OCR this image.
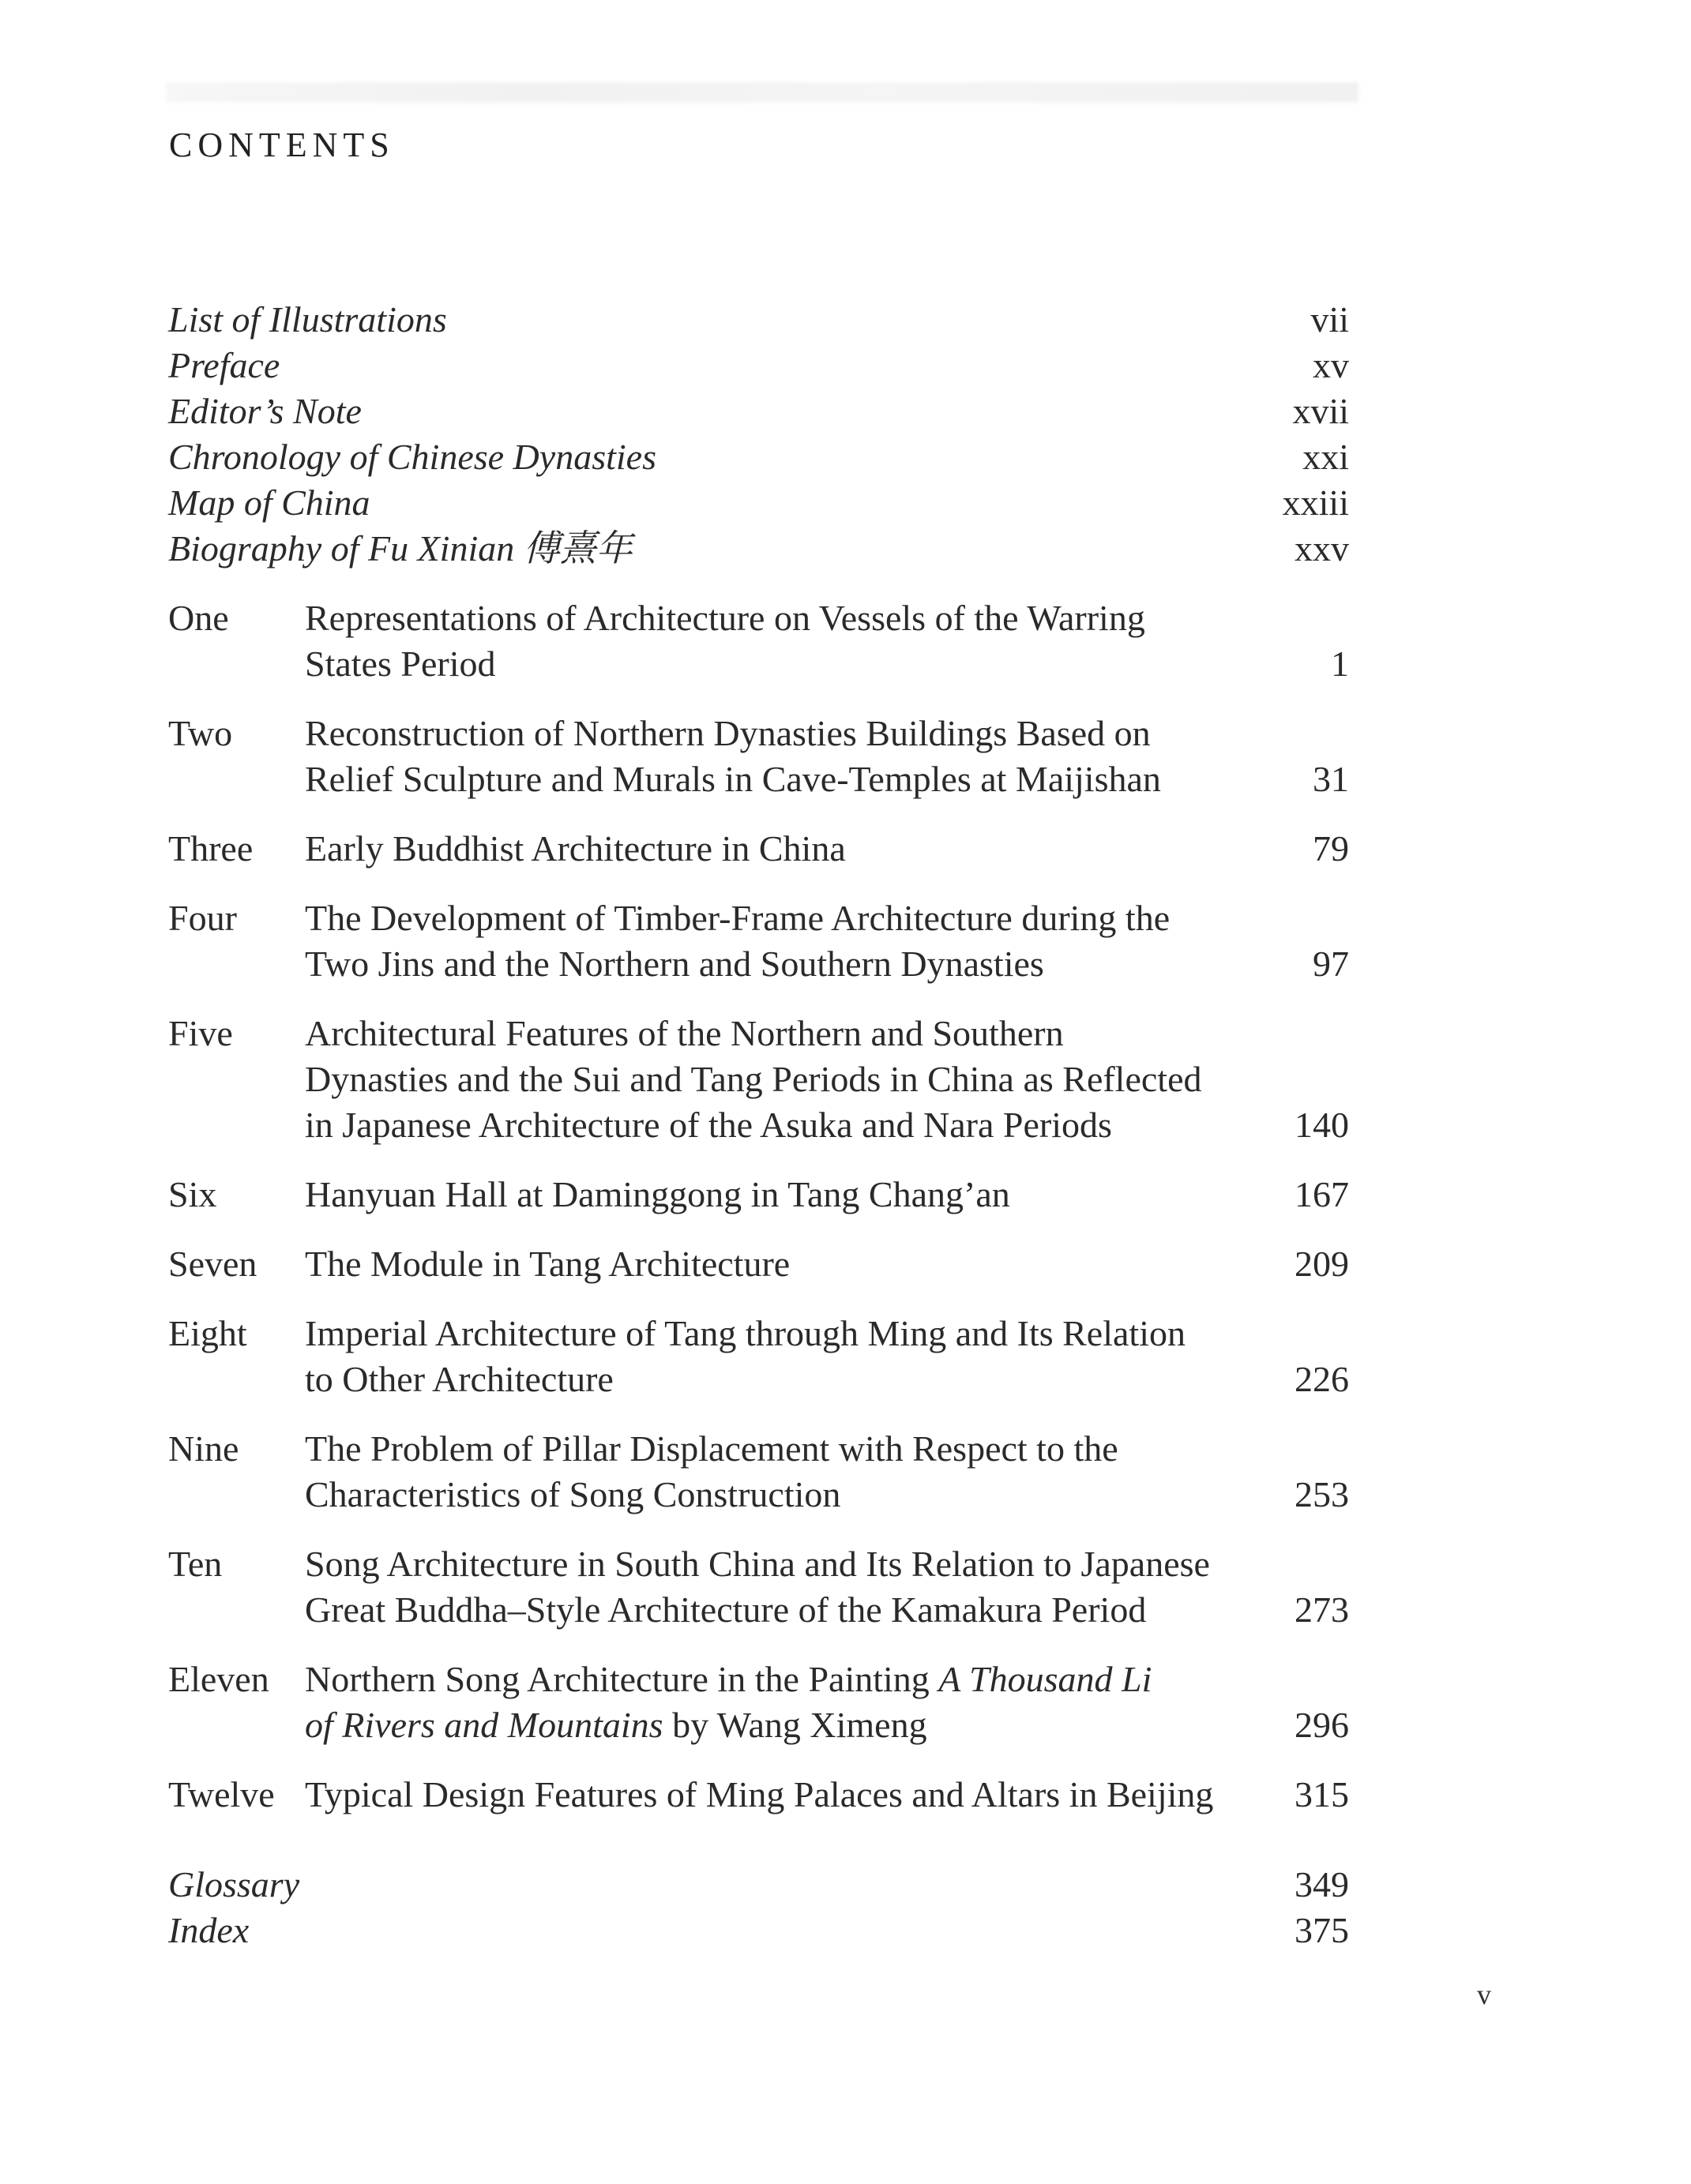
CONTENTS
List of Illustrations	vii
Preface	xv
Editor’s Note	xvii
Chronology of Chinese Dynasties	xxi
Map of China	xxiii
Biography of Fu Xinian 傅熹年	xxv
One	Representations of Architecture on Vessels of the Warring
States Period	1
Two	Reconstruction of Northern Dynasties Buildings Based on
Relief Sculpture and Murals in Cave-Temples at Maijishan	31
Three	Early Buddhist Architecture in China	79
Four	The Development of Timber-Frame Architecture during the
Two Jins and the Northern and Southern Dynasties	97
Five	Architectural Features of the Northern and Southern
Dynasties and the Sui and Tang Periods in China as Reflected
in Japanese Architecture of the Asuka and Nara Periods	140
Six	Hanyuan Hall at Daminggong in Tang Chang’an	167
Seven	The Module in Tang Architecture	209
Eight	Imperial Architecture of Tang through Ming and Its Relation
to Other Architecture	226
Nine	The Problem of Pillar Displacement with Respect to the
Characteristics of Song Construction	253
Ten	Song Architecture in South China and Its Relation to Japanese
Great Buddha–Style Architecture of the Kamakura Period	273
Eleven Northern Song Architecture in the Painting A Thousand Li
of Rivers and Mountains by Wang Ximeng	296
Twelve Typical Design Features of Ming Palaces and Altars in Beijing	315
Glossary	349
Index	375
v
